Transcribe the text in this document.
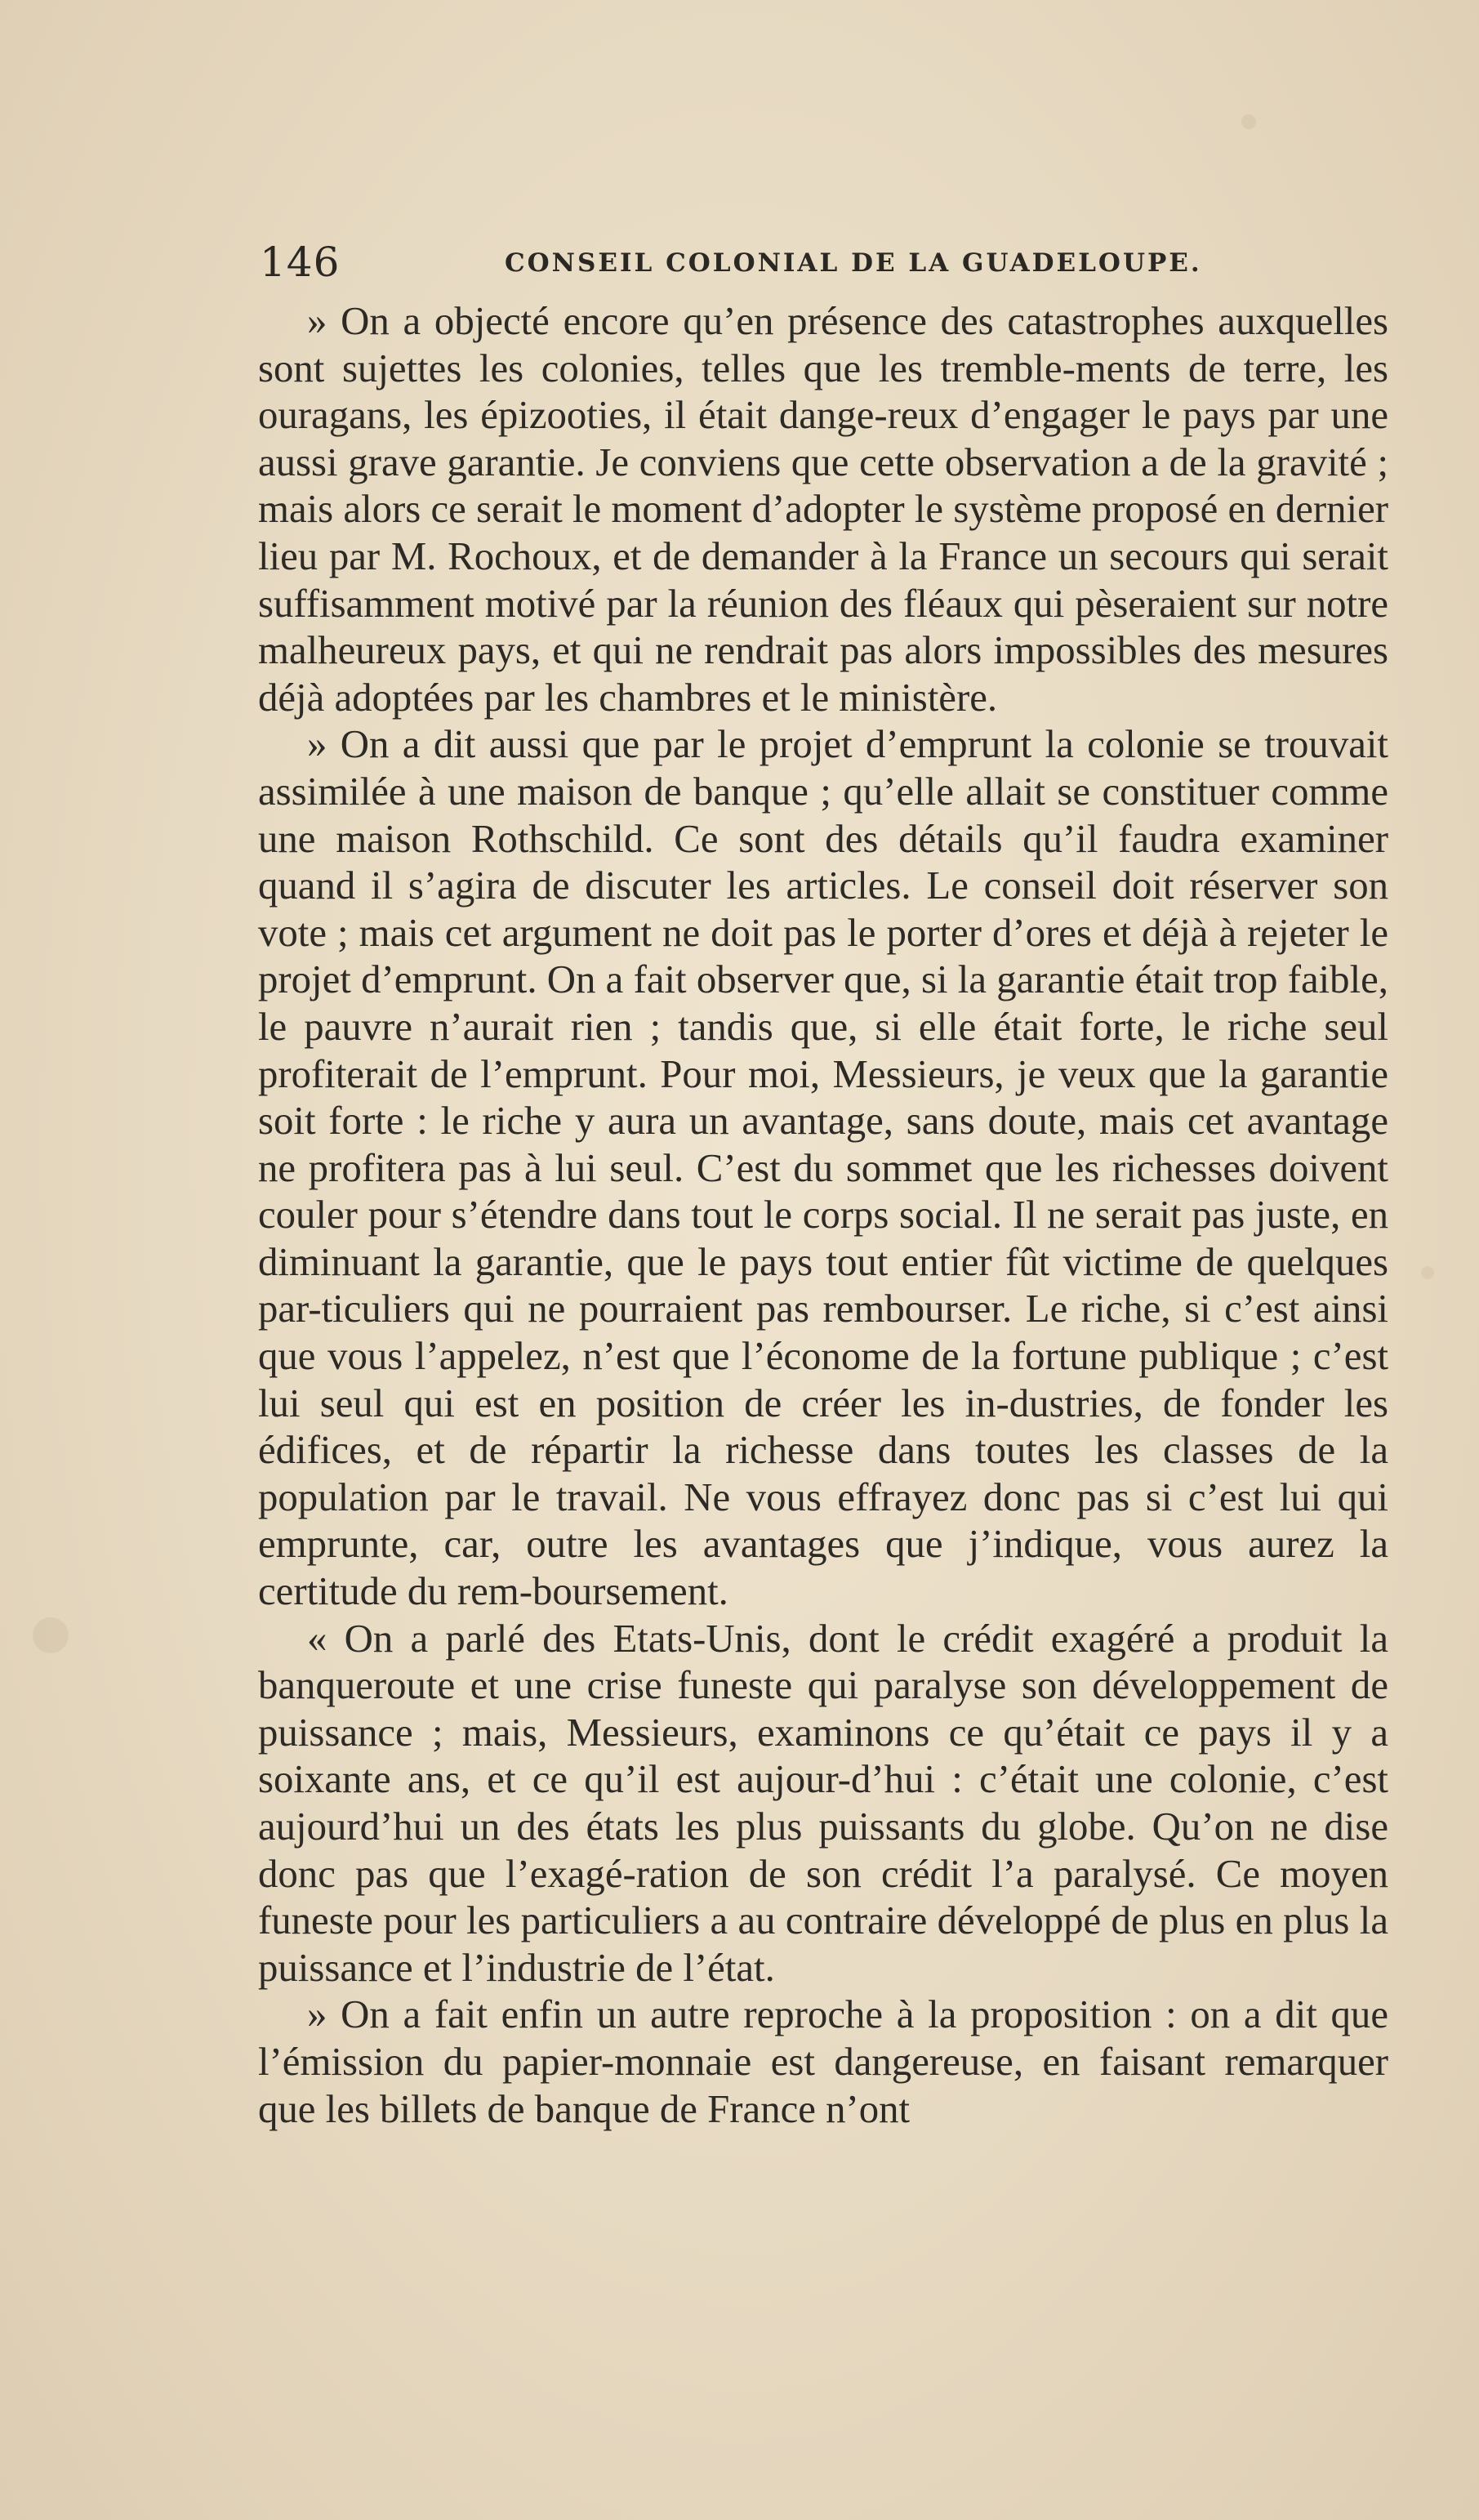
146	CONSEIL COLONIAL DE LA GUADELOUPE.

» On a objecté encore qu’en présence des catastrophes auxquelles sont sujettes les colonies, telles que les tremble-ments de terre, les ouragans, les épizooties, il était dange-reux d’engager le pays par une aussi grave garantie. Je conviens que cette observation a de la gravité ; mais alors ce serait le moment d’adopter le système proposé en dernier lieu par M. Rochoux, et de demander à la France un secours qui serait suffisamment motivé par la réunion des fléaux qui pèseraient sur notre malheureux pays, et qui ne rendrait pas alors impossibles des mesures déjà adoptées par les chambres et le ministère.

» On a dit aussi que par le projet d’emprunt la colonie se trouvait assimilée à une maison de banque ; qu’elle allait se constituer comme une maison Rothschild. Ce sont des détails qu’il faudra examiner quand il s’agira de discuter les articles. Le conseil doit réserver son vote ; mais cet argument ne doit pas le porter d’ores et déjà à rejeter le projet d’emprunt. On a fait observer que, si la garantie était trop faible, le pauvre n’aurait rien ; tandis que, si elle était forte, le riche seul profiterait de l’emprunt. Pour moi, Messieurs, je veux que la garantie soit forte : le riche y aura un avantage, sans doute, mais cet avantage ne profitera pas à lui seul. C’est du sommet que les richesses doivent couler pour s’étendre dans tout le corps social. Il ne serait pas juste, en diminuant la garantie, que le pays tout entier fût victime de quelques par-ticuliers qui ne pourraient pas rembourser. Le riche, si c’est ainsi que vous l’appelez, n’est que l’économe de la fortune publique ; c’est lui seul qui est en position de créer les in-dustries, de fonder les édifices, et de répartir la richesse dans toutes les classes de la population par le travail. Ne vous effrayez donc pas si c’est lui qui emprunte, car, outre les avantages que j’indique, vous aurez la certitude du rem-boursement.

« On a parlé des Etats-Unis, dont le crédit exagéré a produit la banqueroute et une crise funeste qui paralyse son développement de puissance ; mais, Messieurs, examinons ce qu’était ce pays il y a soixante ans, et ce qu’il est aujour-d’hui : c’était une colonie, c’est aujourd’hui un des états les plus puissants du globe. Qu’on ne dise donc pas que l’exagé-ration de son crédit l’a paralysé. Ce moyen funeste pour les particuliers a au contraire développé de plus en plus la puissance et l’industrie de l’état.

» On a fait enfin un autre reproche à la proposition : on a dit que l’émission du papier-monnaie est dangereuse, en faisant remarquer que les billets de banque de France n’ont
